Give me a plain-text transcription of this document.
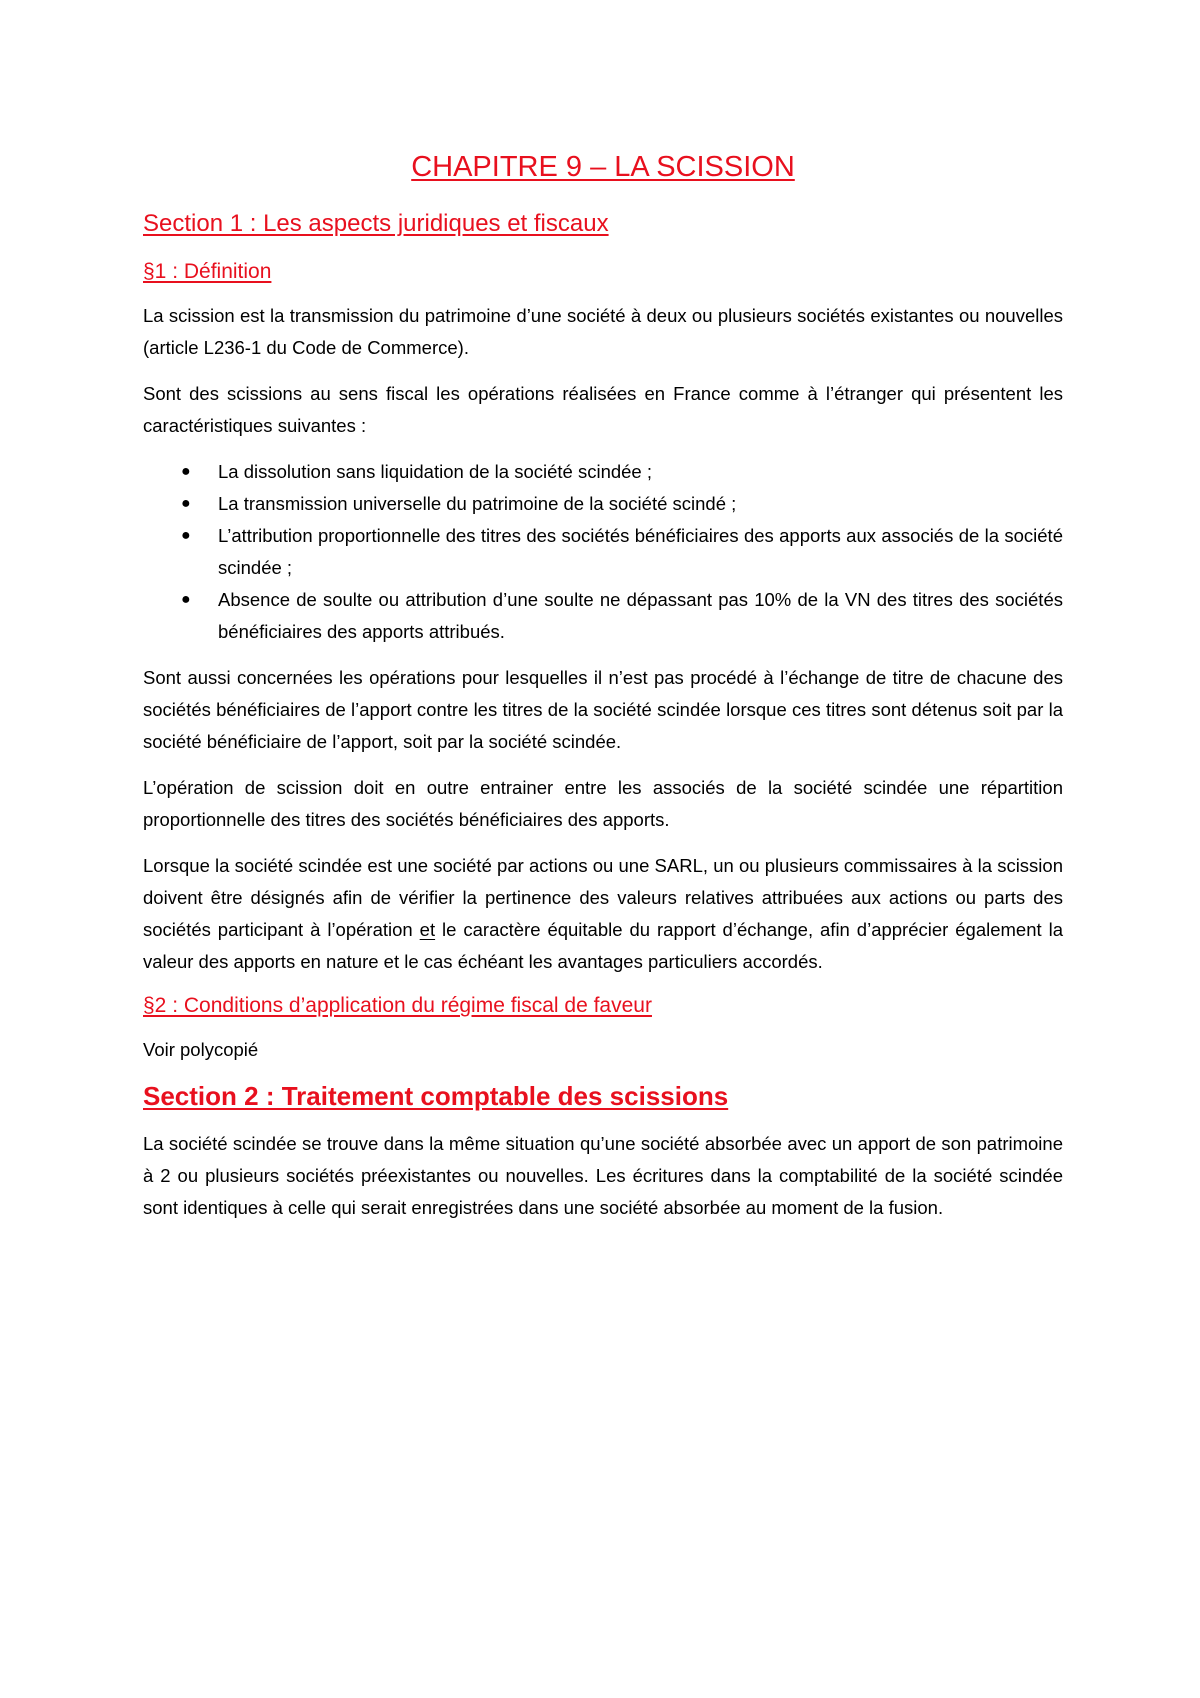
CHAPITRE 9 – LA SCISSION
Section 1 : Les aspects juridiques et fiscaux
§1 : Définition

La scission est la transmission du patrimoine d’une société à deux ou plusieurs sociétés existantes ou nouvelles (article L236-1 du Code de Commerce).

Sont des scissions au sens fiscal les opérations réalisées en France comme à l’étranger qui présentent les caractéristiques suivantes :

● La dissolution sans liquidation de la société scindée ;
● La transmission universelle du patrimoine de la société scindé ;
● L’attribution proportionnelle des titres des sociétés bénéficiaires des apports aux associés de la société scindée ;
● Absence de soulte ou attribution d’une soulte ne dépassant pas 10% de la VN des titres des sociétés bénéficiaires des apports attribués.

Sont aussi concernées les opérations pour lesquelles il n’est pas procédé à l’échange de titre de chacune des sociétés bénéficiaires de l’apport contre les titres de la société scindée lorsque ces titres sont détenus soit par la société bénéficiaire de l’apport, soit par la société scindée.

L’opération de scission doit en outre entrainer entre les associés de la société scindée une répartition proportionnelle des titres des sociétés bénéficiaires des apports.

Lorsque la société scindée est une société par actions ou une SARL, un ou plusieurs commissaires à la scission doivent être désignés afin de vérifier la pertinence des valeurs relatives attribuées aux actions ou parts des sociétés participant à l’opération et le caractère équitable du rapport d’échange, afin d’apprécier également la valeur des apports en nature et le cas échéant les avantages particuliers accordés.

§2 : Conditions d’application du régime fiscal de faveur

Voir polycopié

Section 2 : Traitement comptable des scissions

La société scindée se trouve dans la même situation qu’une société absorbée avec un apport de son patrimoine à 2 ou plusieurs sociétés préexistantes ou nouvelles. Les écritures dans la comptabilité de la société scindée sont identiques à celle qui serait enregistrées dans une société absorbée au moment de la fusion.
